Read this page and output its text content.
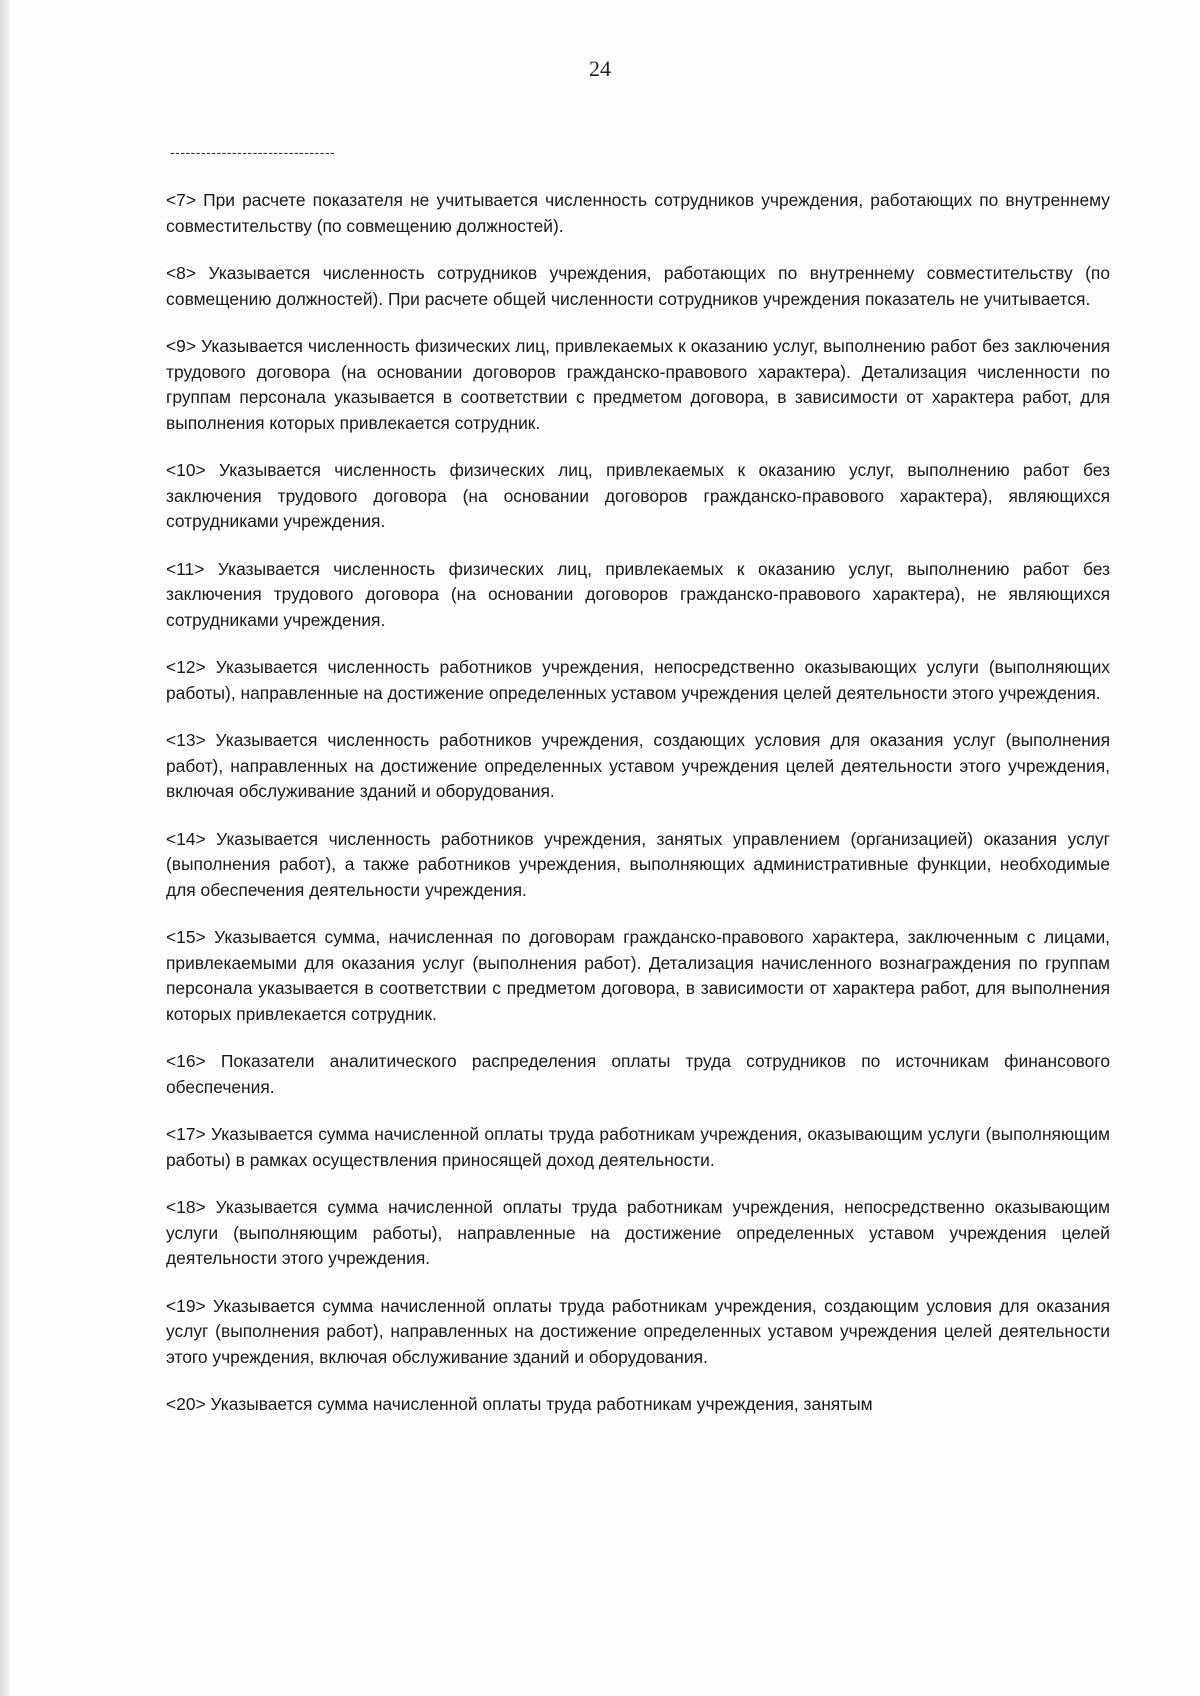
24
--------------------------------

<7> При расчете показателя не учитывается численность сотрудников учреждения, работающих по внутреннему совместительству (по совмещению должностей).

<8> Указывается численность сотрудников учреждения, работающих по внутреннему совместительству (по совмещению должностей). При расчете общей численности сотрудников учреждения показатель не учитывается.

<9> Указывается численность физических лиц, привлекаемых к оказанию услуг, выполнению работ без заключения трудового договора (на основании договоров гражданско-правового характера). Детализация численности по группам персонала указывается в соответствии с предметом договора, в зависимости от характера работ, для выполнения которых привлекается сотрудник.

<10> Указывается численность физических лиц, привлекаемых к оказанию услуг, выполнению работ без заключения трудового договора (на основании договоров гражданско-правового характера), являющихся сотрудниками учреждения.

<11> Указывается численность физических лиц, привлекаемых к оказанию услуг, выполнению работ без заключения трудового договора (на основании договоров гражданско-правового характера), не являющихся сотрудниками учреждения.

<12> Указывается численность работников учреждения, непосредственно оказывающих услуги (выполняющих работы), направленные на достижение определенных уставом учреждения целей деятельности этого учреждения.

<13> Указывается численность работников учреждения, создающих условия для оказания услуг (выполнения работ), направленных на достижение определенных уставом учреждения целей деятельности этого учреждения, включая обслуживание зданий и оборудования.

<14> Указывается численность работников учреждения, занятых управлением (организацией) оказания услуг (выполнения работ), а также работников учреждения, выполняющих административные функции, необходимые для обеспечения деятельности учреждения.

<15> Указывается сумма, начисленная по договорам гражданско-правового характера, заключенным с лицами, привлекаемыми для оказания услуг (выполнения работ). Детализация начисленного вознаграждения по группам персонала указывается в соответствии с предметом договора, в зависимости от характера работ, для выполнения которых привлекается сотрудник.

<16> Показатели аналитического распределения оплаты труда сотрудников по источникам финансового обеспечения.

<17> Указывается сумма начисленной оплаты труда работникам учреждения, оказывающим услуги (выполняющим работы) в рамках осуществления приносящей доход деятельности.

<18> Указывается сумма начисленной оплаты труда работникам учреждения, непосредственно оказывающим услуги (выполняющим работы), направленные на достижение определенных уставом учреждения целей деятельности этого учреждения.

<19> Указывается сумма начисленной оплаты труда работникам учреждения, создающим условия для оказания услуг (выполнения работ), направленных на достижение определенных уставом учреждения целей деятельности этого учреждения, включая обслуживание зданий и оборудования.

<20> Указывается сумма начисленной оплаты труда работникам учреждения, занятым
